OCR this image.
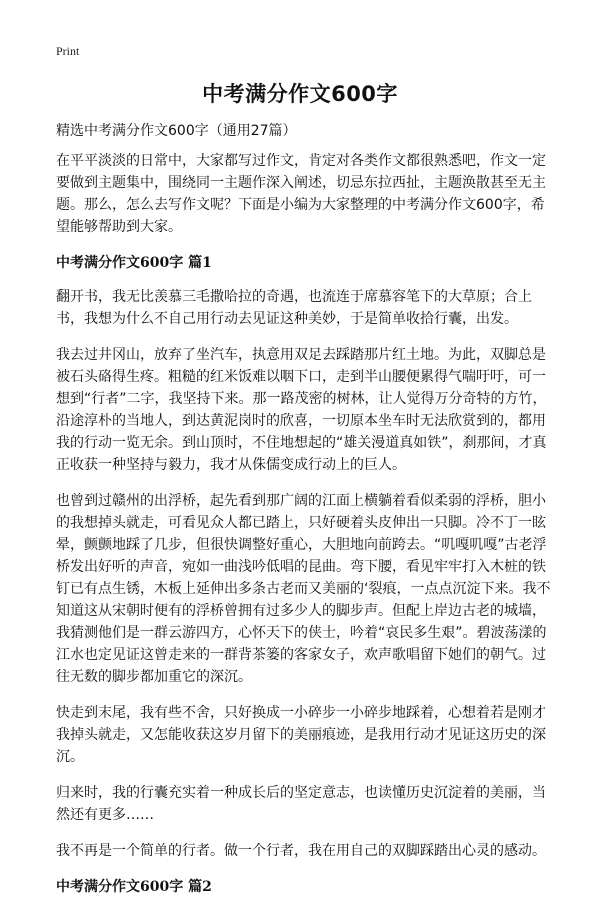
Print
中考满分作文600字
精选中考满分作文600字（通用27篇）

在平平淡淡的日常中，大家都写过作文，肯定对各类作文都很熟悉吧，作文一定要做到主题集中，围绕同一主题作深入阐述，切忌东拉西扯，主题涣散甚至无主题。那么，怎么去写作文呢？下面是小编为大家整理的中考满分作文600字，希望能够帮助到大家。

中考满分作文600字 篇1

翻开书，我无比羡慕三毛撒哈拉的奇遇，也流连于席慕容笔下的大草原；合上书，我想为什么不自己用行动去见证这种美妙，于是简单收拾行囊，出发。

我去过井冈山，放弃了坐汽车，执意用双足去踩踏那片红土地。为此，双脚总是被石头硌得生疼。粗糙的红米饭难以咽下口，走到半山腰便累得气喘吁吁，可一想到“行者”二字，我坚持下来。那一路茂密的树林，让人觉得万分奇特的方竹，沿途淳朴的当地人，到达黄泥岗时的欣喜，一切原本坐车时无法欣赏到的，都用我的行动一览无余。到山顶时，不住地想起的“雄关漫道真如铁”，刹那间，才真正收获一种坚持与毅力，我才从侏儒变成行动上的巨人。

也曾到过赣州的出浮桥，起先看到那广阔的江面上横躺着看似柔弱的浮桥，胆小的我想掉头就走，可看见众人都已踏上，只好硬着头皮伸出一只脚。冷不丁一眩晕，颤颤地踩了几步，但很快调整好重心，大胆地向前跨去。“叽嘎叽嘎”古老浮桥发出好听的声音，宛如一曲浅吟低唱的昆曲。弯下腰，看见牢牢打入木桩的铁钉已有点生锈，木板上延伸出多条古老而又美丽的‘裂痕，一点点沉淀下来。我不知道这从宋朝时便有的浮桥曾拥有过多少人的脚步声。但配上岸边古老的城墙，我猜测他们是一群云游四方，心怀天下的侠士，吟着“哀民多生艰”。碧波荡漾的江水也定见证这曾走来的一群背茶篓的客家女子，欢声歌唱留下她们的朝气。过往无数的脚步都加重它的深沉。

快走到末尾，我有些不舍，只好换成一小碎步一小碎步地踩着，心想着若是刚才我掉头就走，又怎能收获这岁月留下的美丽痕迹，是我用行动才见证这历史的深沉。

归来时，我的行囊充实着一种成长后的坚定意志，也读懂历史沉淀着的美丽，当然还有更多……

我不再是一个简单的行者。做一个行者，我在用自己的双脚踩踏出心灵的感动。

中考满分作文600字 篇2
